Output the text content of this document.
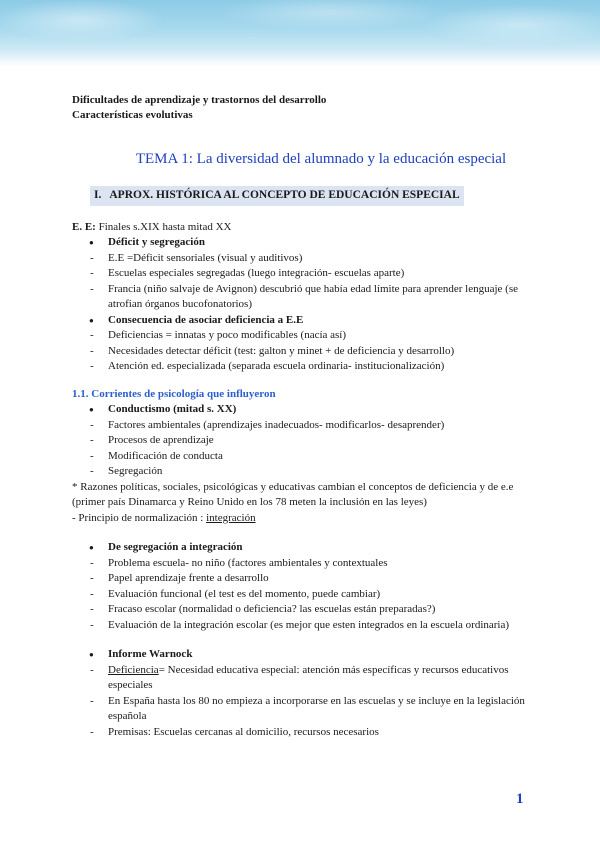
Dificultades de aprendizaje y trastornos del desarrollo
Características evolutivas
TEMA 1: La diversidad del alumnado y la educación especial
I. APROX. HISTÓRICA AL CONCEPTO DE EDUCACIÓN ESPECIAL
E. E: Finales s.XIX hasta mitad XX
● Déficit y segregación
- E.E =Déficit sensoriales (visual y auditivos)
- Escuelas especiales segregadas (luego integración- escuelas aparte)
- Francia (niño salvaje de Avignon) descubrió que había edad límite para aprender lenguaje (se atrofian órganos bucofonatorios)
● Consecuencia de asociar deficiencia a E.E
- Deficiencias = innatas y poco modificables (nacía así)
- Necesidades detectar déficit (test: galton y minet + de deficiencia y desarrollo)
- Atención ed. especializada (separada escuela ordinaria- institucionalización)
1.1. Corrientes de psicología que influyeron
● Conductismo (mitad s. XX)
- Factores ambientales (aprendizajes inadecuados- modificarlos- desaprender)
- Procesos de aprendizaje
- Modificación de conducta
- Segregación
* Razones políticas, sociales, psicológicas y educativas cambian el conceptos de deficiencia y de e.e (primer país Dinamarca y Reino Unido en los 78 meten la inclusión en las leyes)
- Principio de normalización : integración
● De segregación a integración
- Problema escuela- no niño (factores ambientales y contextuales
- Papel aprendizaje frente a desarrollo
- Evaluación funcional (el test es del momento, puede cambiar)
- Fracaso escolar (normalidad o deficiencia? las escuelas están preparadas?)
- Evaluación de la integración escolar (es mejor que esten integrados en la escuela ordinaria)
● Informe Warnock
- Deficiencia= Necesidad educativa especial: atención más específicas y recursos educativos especiales
- En España hasta los 80 no empieza a incorporarse en las escuelas y se incluye en la legislación española
- Premisas: Escuelas cercanas al domicilio, recursos necesarios
1
